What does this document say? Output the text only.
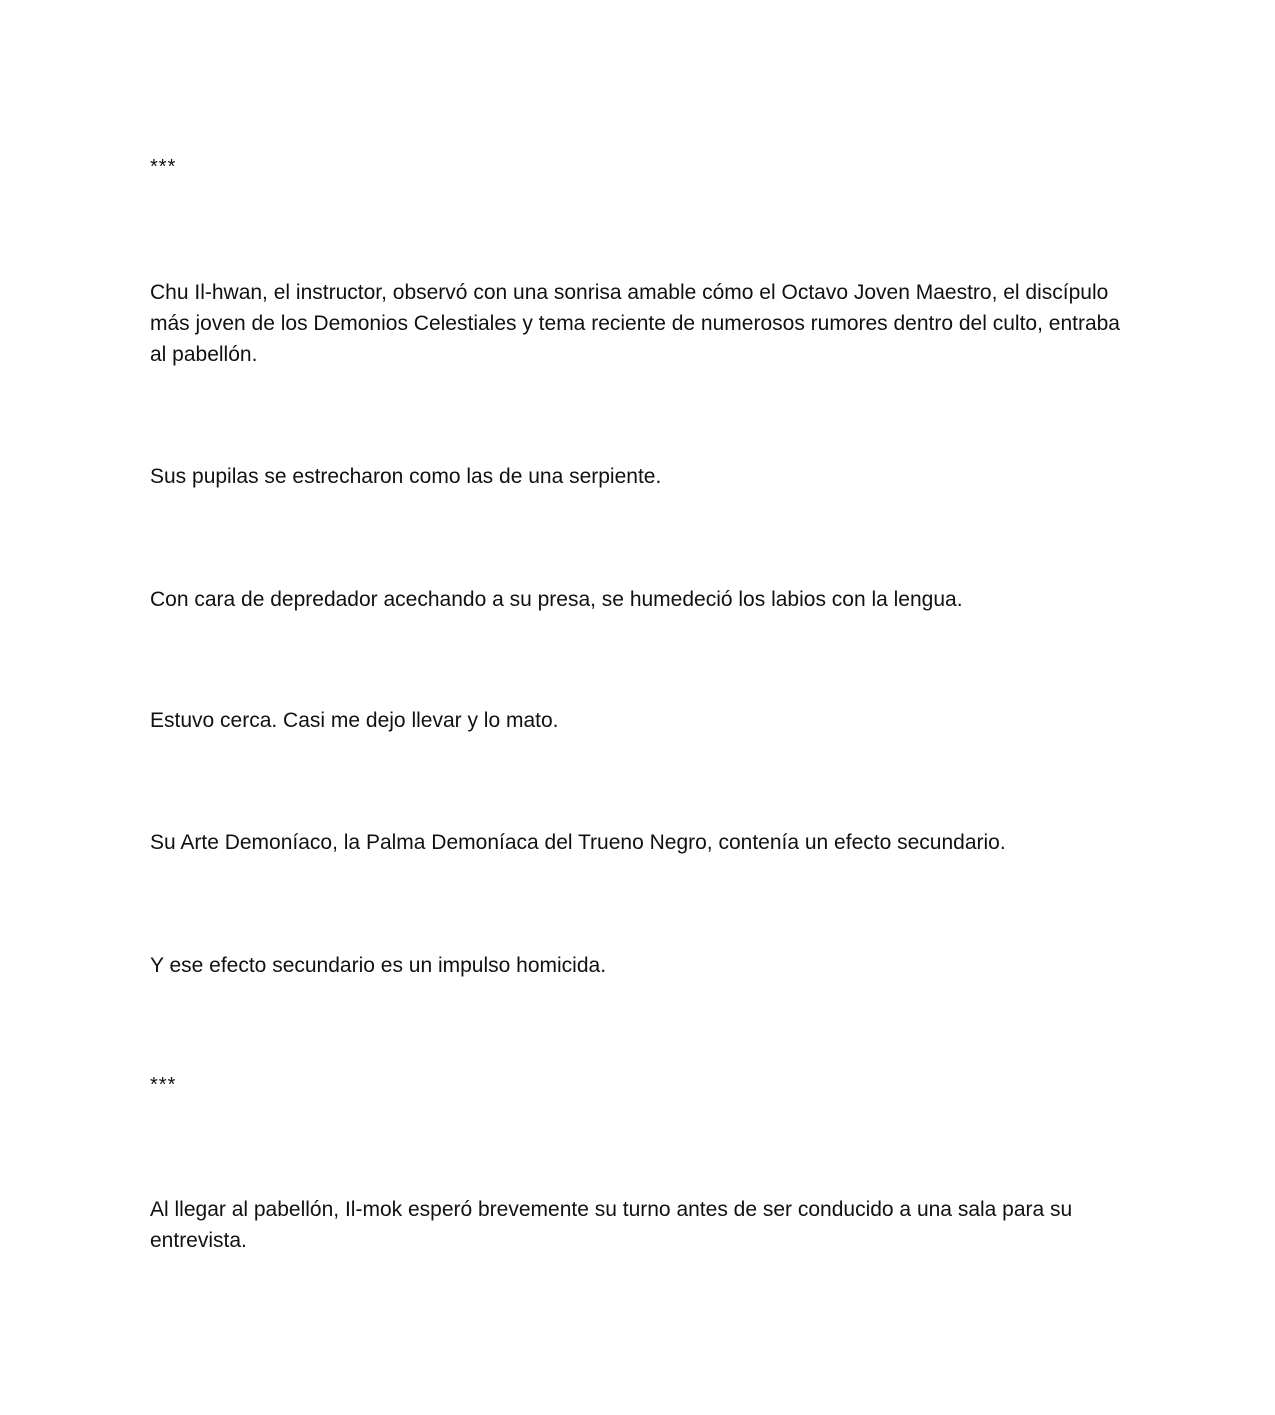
***

Chu Il-hwan, el instructor, observó con una sonrisa amable cómo el Octavo Joven Maestro, el discípulo más joven de los Demonios Celestiales y tema reciente de numerosos rumores dentro del culto, entraba al pabellón.

Sus pupilas se estrecharon como las de una serpiente.

Con cara de depredador acechando a su presa, se humedeció los labios con la lengua.

Estuvo cerca. Casi me dejo llevar y lo mato.

Su Arte Demoníaco, la Palma Demoníaca del Trueno Negro, contenía un efecto secundario.

Y ese efecto secundario es un impulso homicida.

***

Al llegar al pabellón, Il-mok esperó brevemente su turno antes de ser conducido a una sala para su entrevista.
